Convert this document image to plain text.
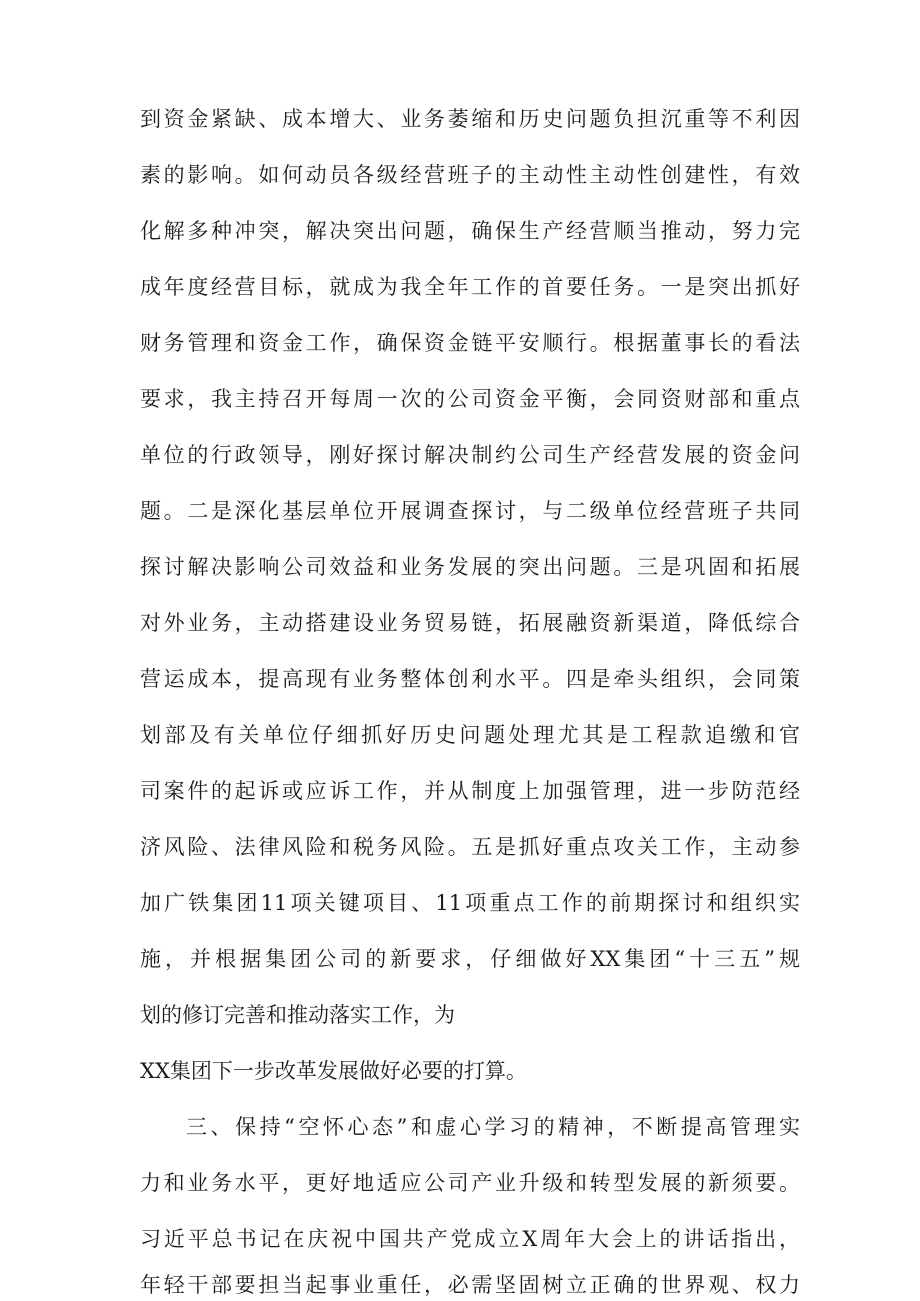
到资金紧缺、成本增大、业务萎缩和历史问题负担沉重等不利因
素的影响。如何动员各级经营班子的主动性主动性创建性，有效
化解多种冲突，解决突出问题，确保生产经营顺当推动，努力完
成年度经营目标，就成为我全年工作的首要任务。一是突出抓好
财务管理和资金工作，确保资金链平安顺行。根据董事长的看法
要求，我主持召开每周一次的公司资金平衡，会同资财部和重点
单位的行政领导，刚好探讨解决制约公司生产经营发展的资金问
题。二是深化基层单位开展调查探讨，与二级单位经营班子共同
探讨解决影响公司效益和业务发展的突出问题。三是巩固和拓展
对外业务，主动搭建设业务贸易链，拓展融资新渠道，降低综合
营运成本，提高现有业务整体创利水平。四是牵头组织，会同策
划部及有关单位仔细抓好历史问题处理尤其是工程款追缴和官
司案件的起诉或应诉工作，并从制度上加强管理，进一步防范经
济风险、法律风险和税务风险。五是抓好重点攻关工作，主动参
加广铁集团11项关键项目、11项重点工作的前期探讨和组织实
施，并根据集团公司的新要求，仔细做好XX集团“十三五”规
划的修订完善和推动落实工作，为
XX集团下一步改革发展做好必要的打算。
三、保持“空怀心态”和虚心学习的精神，不断提高管理实
力和业务水平，更好地适应公司产业升级和转型发展的新须要。
习近平总书记在庆祝中国共产党成立X周年大会上的讲话指出，
年轻干部要担当起事业重任，必需坚固树立正确的世界观、权力
